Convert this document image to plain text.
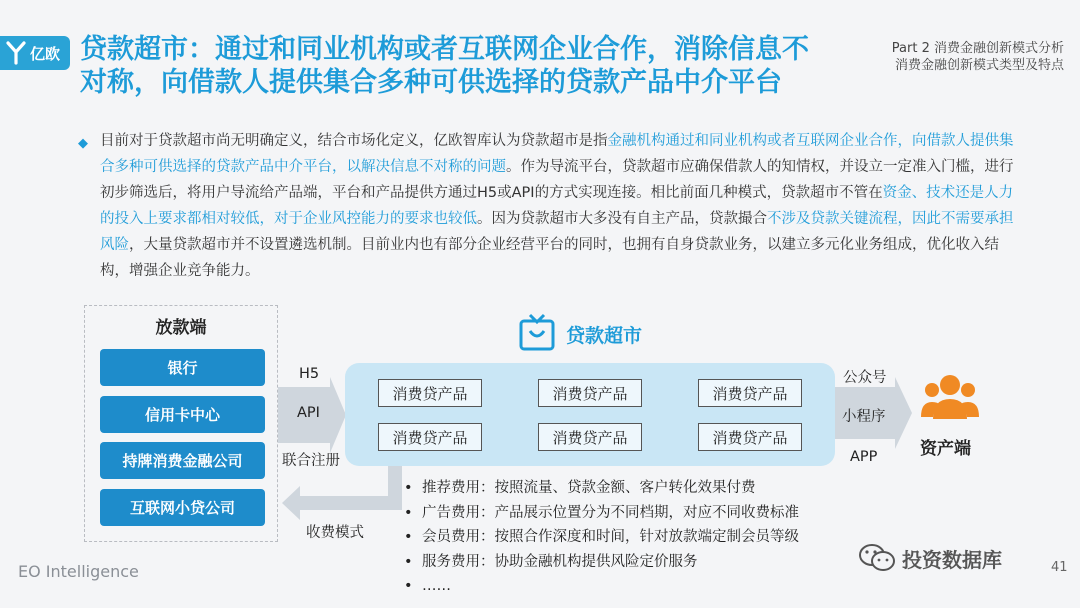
亿欧 贷款超市：通过和同业机构或者互联网企业合作，消除信息不
对称，向借款人提供集合多种可供选择的贷款产品中介平台
Part 2 消费金融创新模式分析
消费金融创新模式类型及特点
◆ 目前对于贷款超市尚无明确定义，结合市场化定义，亿欧智库认为贷款超市是指金融机构通过和同业机构或者互联网企业合作，向借款人提供集合多种可供选择的贷款产品中介平台，以解决信息不对称的问题。作为导流平台，贷款超市应确保借款人的知情权，并设立一定准入门槛，进行初步筛选后，将用户导流给产品端，平台和产品提供方通过H5或API的方式实现连接。相比前面几种模式，贷款超市不管在资金、技术还是人力的投入上要求都相对较低，对于企业风控能力的要求也较低。因为贷款超市大多没有自主产品，贷款撮合不涉及贷款关键流程，因此不需要承担风险，大量贷款超市并不设置遴选机制。目前业内也有部分企业经营平台的同时，也拥有自身贷款业务，以建立多元化业务组成，优化收入结构，增强企业竞争能力。
放款端
银行
信用卡中心
持牌消费金融公司
互联网小贷公司
H5
API
联合注册
贷款超市
消费贷产品	消费贷产品	消费贷产品
消费贷产品	消费贷产品	消费贷产品
公众号
小程序
APP	资产端
收费模式
• 推荐费用：按照流量、贷款金额、客户转化效果付费
• 广告费用：产品展示位置分为不同档期，对应不同收费标准
• 会员费用：按照合作深度和时间，针对放款端定制会员等级
• 服务费用：协助金融机构提供风险定价服务
• ……
EO Intelligence	投资数据库	41
